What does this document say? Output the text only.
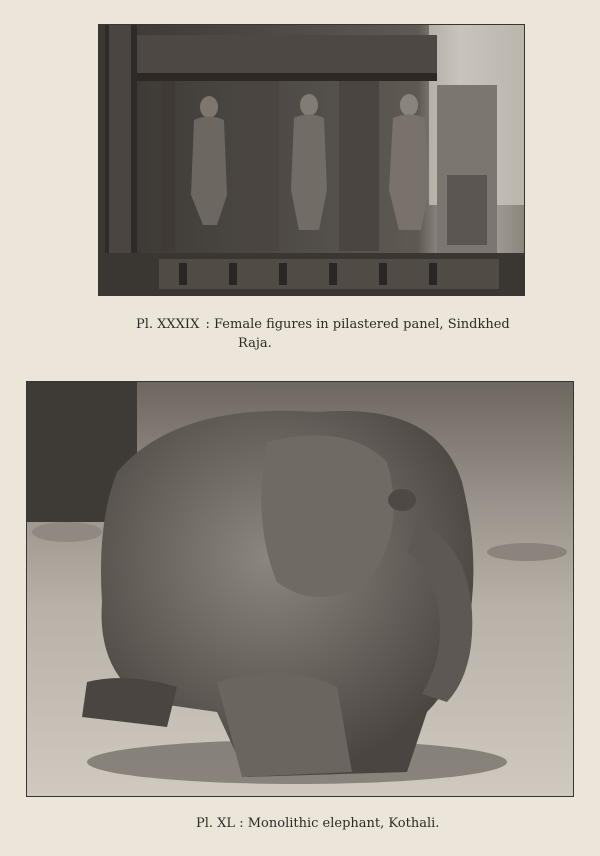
Pl. XXXIX : Female figures in pilastered panel, Sindkhed
Raja.
Pl. XL : Monolithic elephant, Kothali.
